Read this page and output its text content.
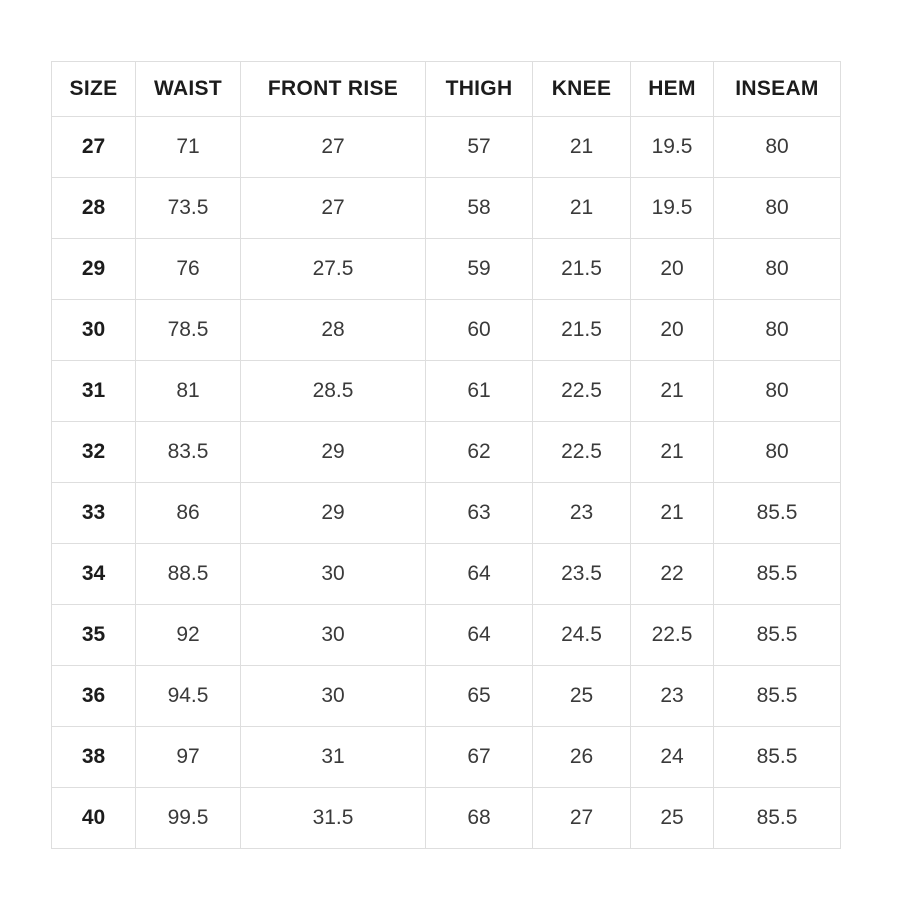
SIZE	WAIST	FRONT RISE	THIGH	KNEE	HEM	INSEAM
27	71	27	57	21	19.5	80
28	73.5	27	58	21	19.5	80
29	76	27.5	59	21.5	20	80
30	78.5	28	60	21.5	20	80
31	81	28.5	61	22.5	21	80
32	83.5	29	62	22.5	21	80
33	86	29	63	23	21	85.5
34	88.5	30	64	23.5	22	85.5
35	92	30	64	24.5	22.5	85.5
36	94.5	30	65	25	23	85.5
38	97	31	67	26	24	85.5
40	99.5	31.5	68	27	25	85.5
